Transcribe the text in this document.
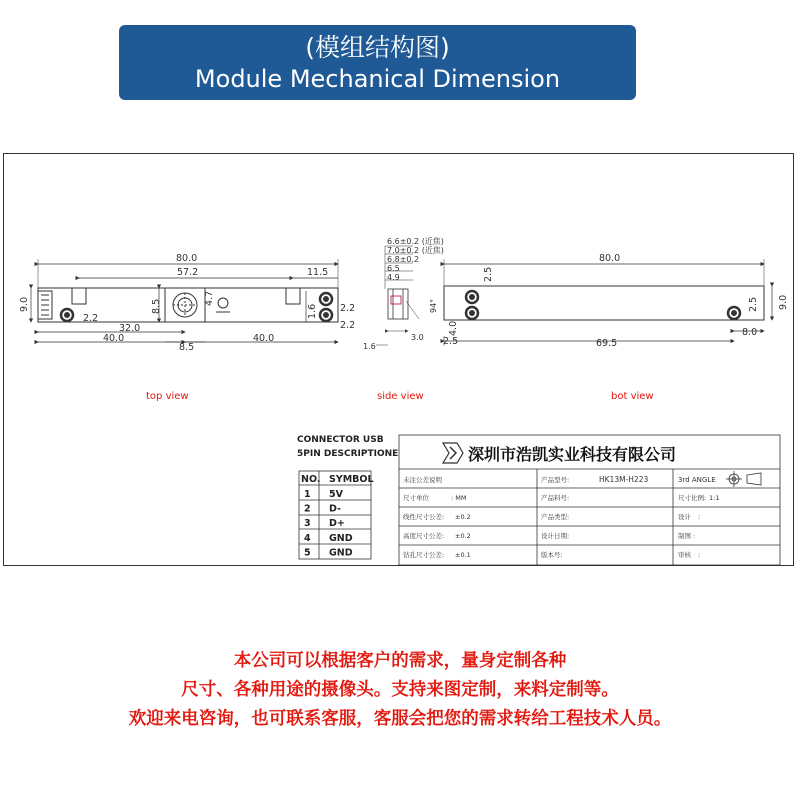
(模组结构图)
Module Mechanical Dimension
80.0
57.2	11.5
9.0
2.2
32.0
40.0	40.0
8.5
8.5
4.7
1.6 2.2
2.2
6.6±0.2 (近焦)
7.0±0.2 (近焦)
6.8±0.2
6.5
4.9
94°
3.0
1.6
80.0
2.5
9.0
2.5
4.0
2.5	69.5
8.0
top view	side view	bot view
CONNECTOR USB
5PIN DESCRIPTIONE
NO. SYMBOL
1 5V
2 D-
3 D+
4 GND
5 GND
深圳市浩凯实业科技有限公司
未注公差说明	产品型号:	HK13M-H223	3rd ANGLE
尺寸单位	: MM	产品料号:	尺寸比例: 1:1
线性尺寸公差: ±0.2	产品类型:	设计 :
高度尺寸公差: ±0.2	设计日期:	制图 :
钻孔尺寸公差: ±0.1	版本号:	审核 :
本公司可以根据客户的需求，量身定制各种
尺寸、各种用途的摄像头。支持来图定制，来料定制等。
欢迎来电咨询，也可联系客服，客服会把您的需求转给工程技术人员。
